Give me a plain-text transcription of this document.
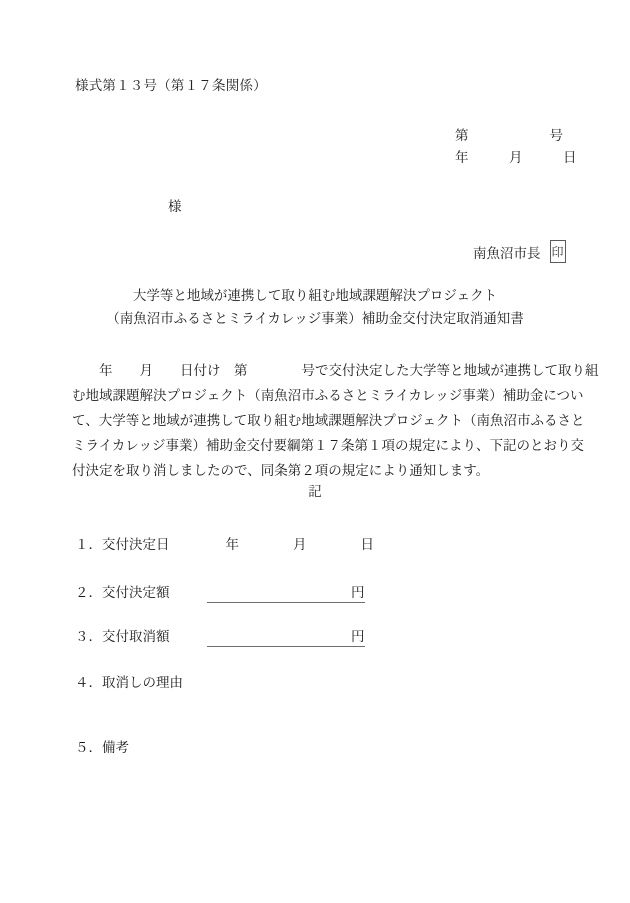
様式第１３号（第１７条関係）
第　　　　　　号
年　　　月　　　日
様
南魚沼市長 印
大学等と地域が連携して取り組む地域課題解決プロジェクト
（南魚沼市ふるさとミライカレッジ事業）補助金交付決定取消通知書
　　年　　月　　日付け　第　　　　号で交付決定した大学等と地域が連携して取り組
む地域課題解決プロジェクト（南魚沼市ふるさとミライカレッジ事業）補助金につい
て、大学等と地域が連携して取り組む地域課題解決プロジェクト（南魚沼市ふるさと
ミライカレッジ事業）補助金交付要綱第１７条第１項の規定により、下記のとおり交
付決定を取り消しましたので、同条第２項の規定により通知します。
記
１．交付決定日	年　　　　月　　　　日
２．交付決定額	円
３．交付取消額	円
４．取消しの理由
５．備考
